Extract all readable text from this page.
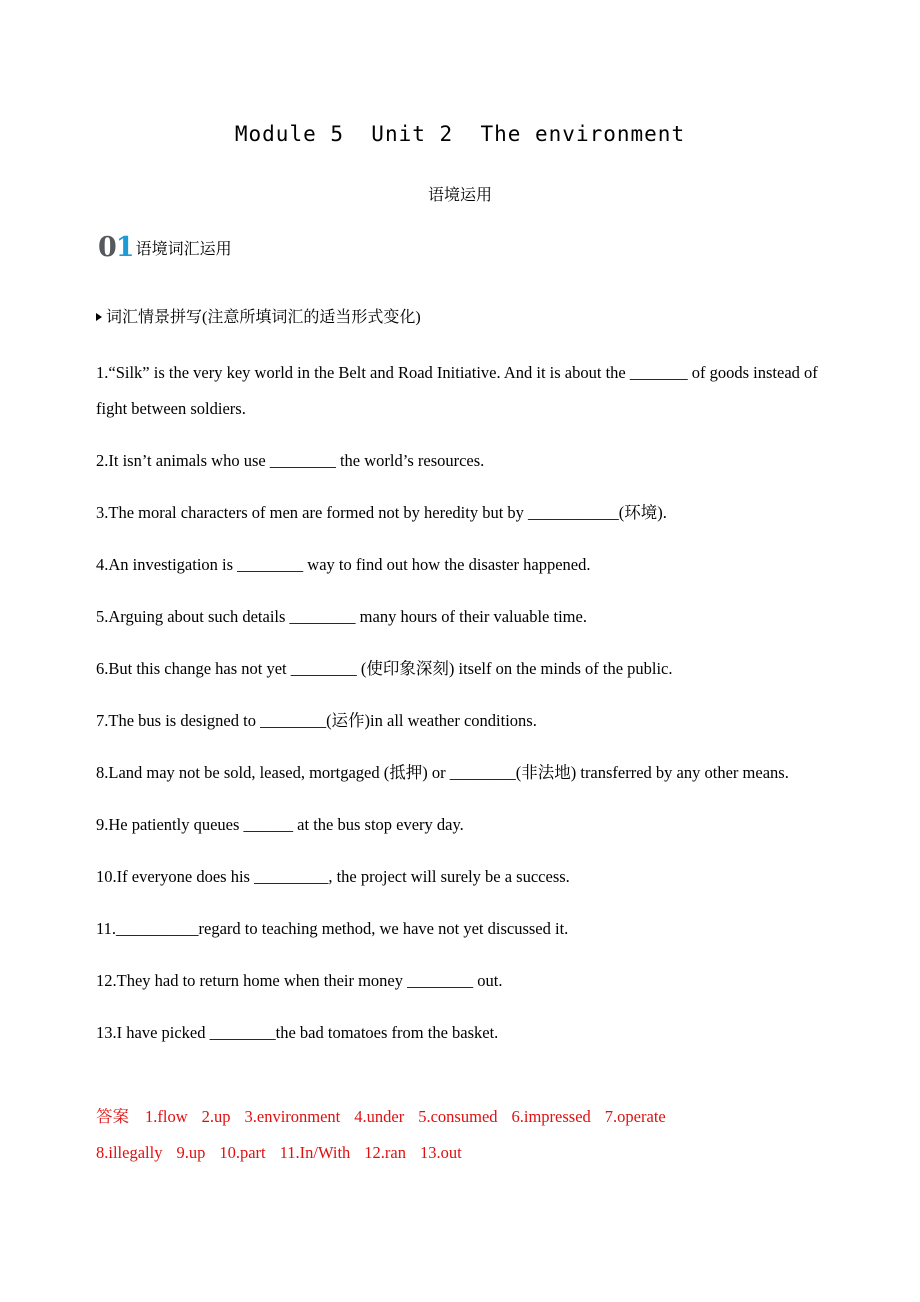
Module 5  Unit 2  The environment
语境运用
01 语境词汇运用
词汇情景拼写(注意所填词汇的适当形式变化)
1.“Silk” is the very key world in the Belt and Road Initiative. And it is about the _______ of goods instead of fight between soldiers.
2.It isn’t animals who use ________ the world’s resources.
3.The moral characters of men are formed not by heredity but by ___________(环境).
4.An investigation is ________ way to find out how the disaster happened.
5.Arguing about such details ________ many hours of their valuable time.
6.But this change has not yet ________ (使印象深刻) itself on the minds of the public.
7.The bus is designed to ________(运作)in all weather conditions.
8.Land may not be sold, leased, mortgaged (抵押) or ________(非法地) transferred by any other means.
9.He patiently queues ______ at the bus stop every day.
10.If everyone does his _________, the project will surely be a success.
11.__________regard to teaching method, we have not yet discussed it.
12.They had to return home when their money ________ out.
13.I have picked ________the bad tomatoes from the basket.
答案 1.flow 2.up 3.environment 4.under 5.consumed 6.impressed 7.operate
8.illegally 9.up 10.part 11.In/With 12.ran 13.out
